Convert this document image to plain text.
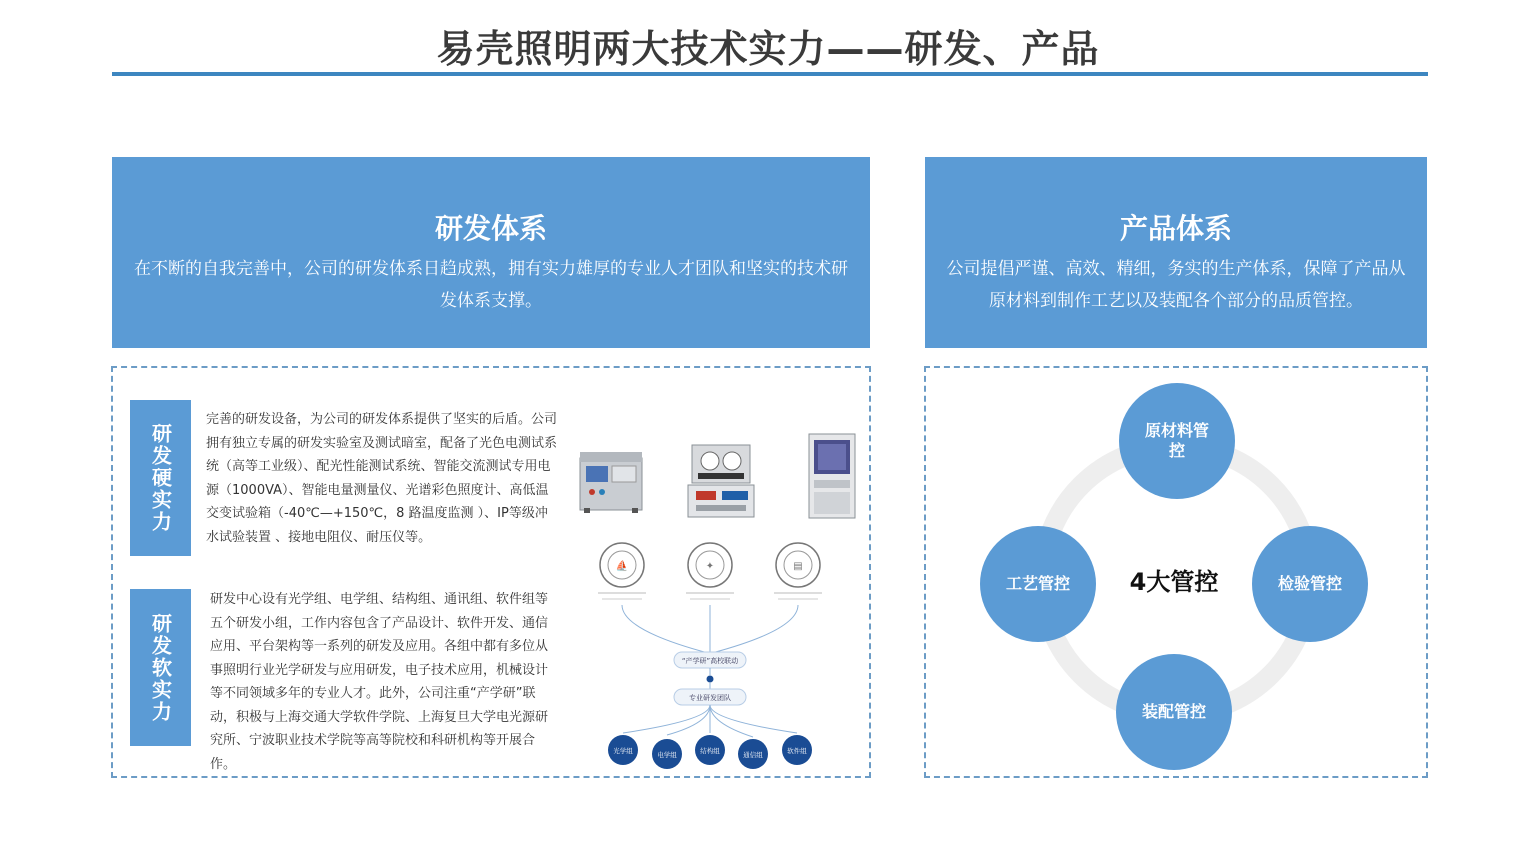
易壳照明两大技术实力——研发、产品
研发体系
在不断的自我完善中，公司的研发体系日趋成熟，拥有实力雄厚的专业人才团队和坚实的技术研发体系支撑。
产品体系
公司提倡严谨、高效、精细，务实的生产体系，保障了产品从原材料到制作工艺以及装配各个部分的品质管控。
研发硬实力
完善的研发设备，为公司的研发体系提供了坚实的后盾。公司拥有独立专属的研发实验室及测试暗室，配备了光色电测试系统（高等工业级）、配光性能测试系统、智能交流测试专用电源（1000VA）、智能电量测量仪、光谱彩色照度计、高低温交变试验箱（-40℃—+150℃，8 路温度监测 ）、IP等级冲水试验装置 、接地电阻仪、耐压仪等。
研发软实力
研发中心设有光学组、电学组、结构组、通讯组、软件组等五个研发小组，工作内容包含了产品设计、软件开发、通信应用、平台架构等一系列的研发及应用。各组中都有多位从事照明行业光学研发与应用研发，电子技术应用，机械设计等不同领域多年的专业人才。此外，公司注重“产学研”联动，积极与上海交通大学软件学院、上海复旦大学电光源研究所、宁波职业技术学院等高等院校和科研机构等开展合作。
⛵	✦	▤
“产学研”高校联动
专业研发团队
光学组	电学组	结构组	通信组	软件组
4大管控
原材料管控
工艺管控	检验管控
装配管控
